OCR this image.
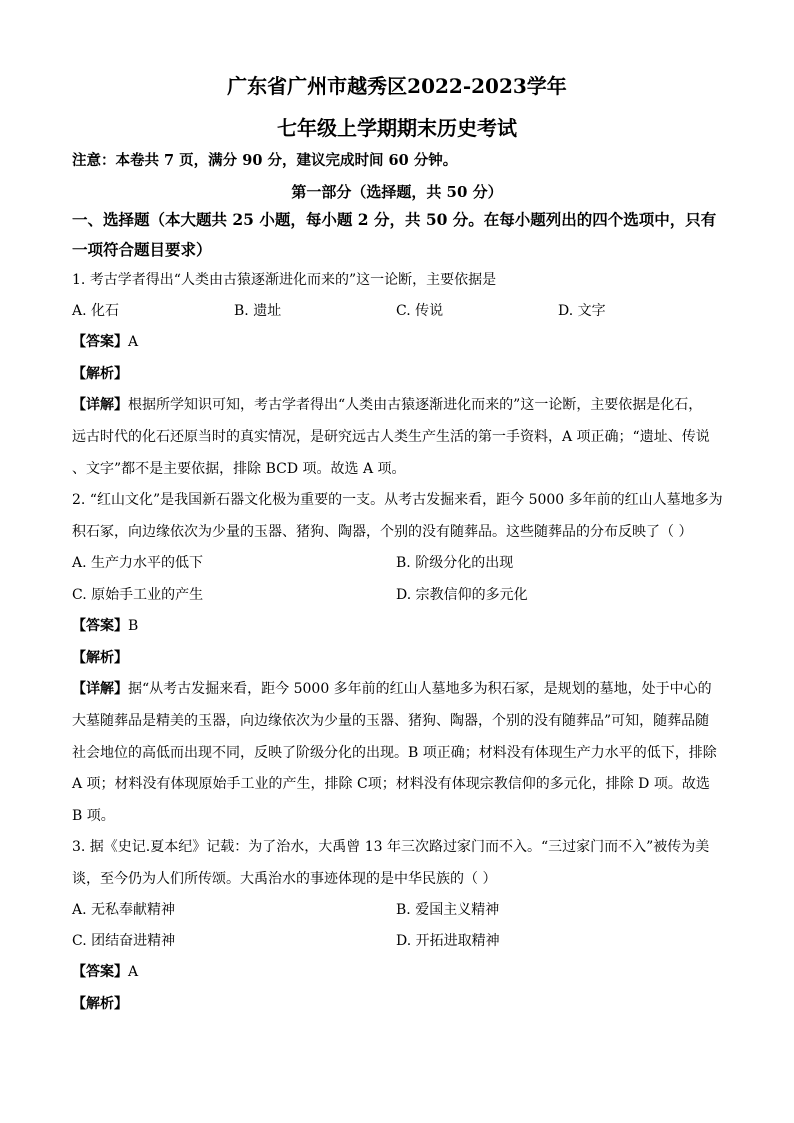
广东省广州市越秀区2022-2023学年
七年级上学期期末历史考试
注意：本卷共 7 页，满分 90 分，建议完成时间 60 分钟。
第一部分（选择题，共 50 分）
一、选择题（本大题共 25 小题，每小题 2 分，共 50 分。在每小题列出的四个选项中，只有
一项符合题目要求）
1. 考古学者得出“人类由古猿逐渐进化而来的”这一论断，主要依据是
A. 化石	B. 遗址	C. 传说	D. 文字
【答案】A
【解析】
【详解】根据所学知识可知，考古学者得出“人类由古猿逐渐进化而来的”这一论断，主要依据是化石，
远古时代的化石还原当时的真实情况，是研究远古人类生产生活的第一手资料，A 项正确；“遗址、传说
、文字”都不是主要依据，排除 BCD 项。故选 A 项。
2. “红山文化”是我国新石器文化极为重要的一支。从考古发掘来看，距今 5000 多年前的红山人墓地多为
积石冢，向边缘依次为少量的玉器、猪狗、陶器，个别的没有随葬品。这些随葬品的分布反映了（ ）
A. 生产力水平的低下	B. 阶级分化的出现
C. 原始手工业的产生	D. 宗教信仰的多元化
【答案】B
【解析】
【详解】据“从考古发掘来看，距今 5000 多年前的红山人墓地多为积石冢，是规划的墓地，处于中心的
大墓随葬品是精美的玉器，向边缘依次为少量的玉器、猪狗、陶器，个别的没有随葬品”可知，随葬品随
社会地位的高低而出现不同，反映了阶级分化的出现。B 项正确；材料没有体现生产力水平的低下，排除
A 项；材料没有体现原始手工业的产生，排除 C项；材料没有体现宗教信仰的多元化，排除 D 项。故选
B 项。
3. 据《史记.夏本纪》记载：为了治水，大禹曾 13 年三次路过家门而不入。“三过家门而不入”被传为美
谈，至今仍为人们所传颂。大禹治水的事迹体现的是中华民族的（ ）
A. 无私奉献精神	B. 爱国主义精神
C. 团结奋进精神	D. 开拓进取精神
【答案】A
【解析】
